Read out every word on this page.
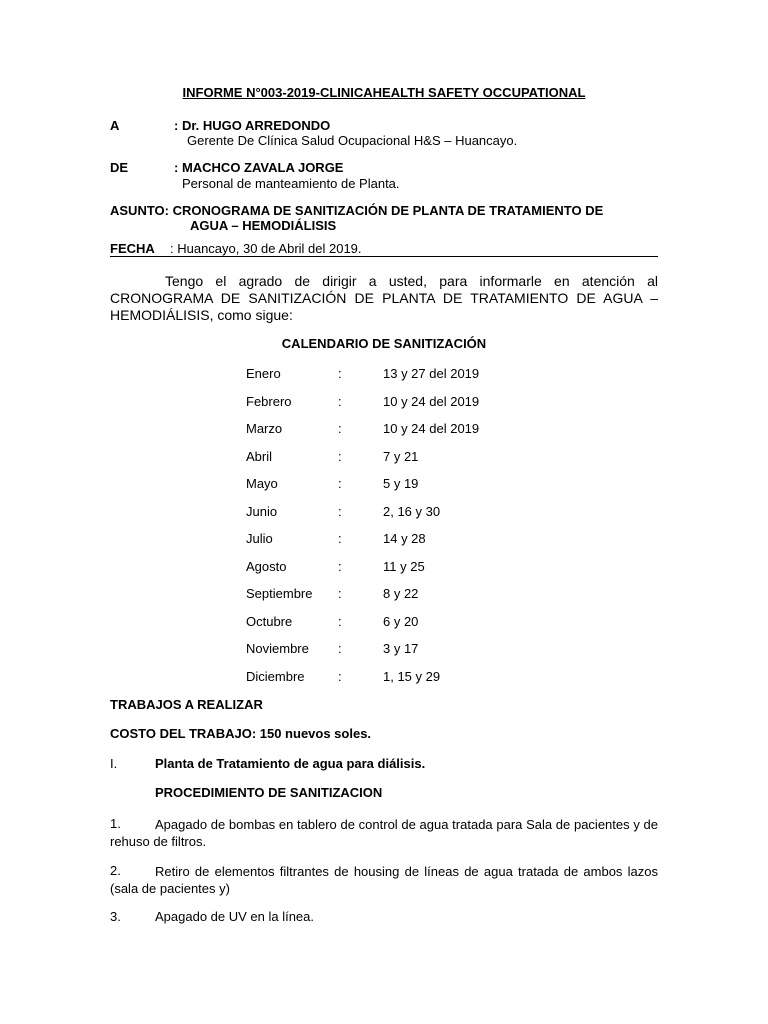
INFORME N°003-2019-CLINICAHEALTH SAFETY OCCUPATIONAL
A	: Dr. HUGO ARREDONDO
Gerente De Clínica Salud Ocupacional H&S – Huancayo.
DE	: MACHCO ZAVALA JORGE
Personal de manteamiento de Planta.
ASUNTO: CRONOGRAMA DE SANITIZACIÓN DE PLANTA DE TRATAMIENTO DE
AGUA – HEMODIÁLISIS
FECHA : Huancayo, 30 de Abril del 2019.
Tengo el agrado de dirigir a usted, para informarle en atención al CRONOGRAMA DE SANITIZACIÓN DE PLANTA DE TRATAMIENTO DE AGUA – HEMODIÁLISIS, como sigue:
CALENDARIO DE SANITIZACIÓN
Enero	:	13 y 27 del 2019
Febrero	:	10 y 24 del 2019
Marzo	:	10 y 24 del 2019
Abril	:	7 y 21
Mayo	:	5 y 19
Junio	:	2, 16 y 30
Julio	:	14 y 28
Agosto	:	11 y 25
Septiembre :	8 y 22
Octubre	:	6 y 20
Noviembre :	3 y 17
Diciembre	:	1, 15 y 29
TRABAJOS A REALIZAR
COSTO DEL TRABAJO: 150 nuevos soles.
I.	Planta de Tratamiento de agua para diálisis.
PROCEDIMIENTO DE SANITIZACION
1.	Apagado de bombas en tablero de control de agua tratada para Sala de pacientes y de rehuso de filtros.
2.	Retiro de elementos filtrantes de housing de líneas de agua tratada de ambos lazos (sala de pacientes y)
3.	Apagado de UV en la línea.
